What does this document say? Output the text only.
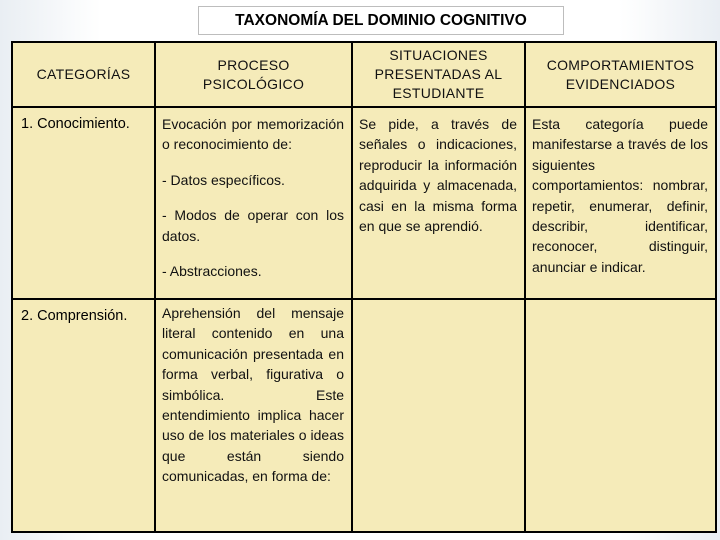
TAXONOMÍA DEL DOMINIO COGNITIVO
CATEGORÍAS
PROCESO
PSICOLÓGICO
SITUACIONES
PRESENTADAS AL
ESTUDIANTE
COMPORTAMIENTOS
EVIDENCIADOS
1. Conocimiento.	Evocación por memorización o reconocimiento de:

- Datos específicos.

- Modos de operar con los datos.

- Abstracciones.

Se pide, a través de señales o indicaciones, reproducir la información adquirida y almacenada, casi en la misma forma en que se aprendió.

Esta categoría puede manifestarse a través de los siguientes comportamientos: nombrar, repetir, enumerar, definir, describir, identificar, reconocer, distinguir, anunciar e indicar.

2. Comprensión.	Aprehensión del mensaje literal contenido en una comunicación presentada en forma verbal, figurativa o simbólica. Este entendimiento implica hacer uso de los materiales o ideas que están siendo comunicadas, en forma de:
